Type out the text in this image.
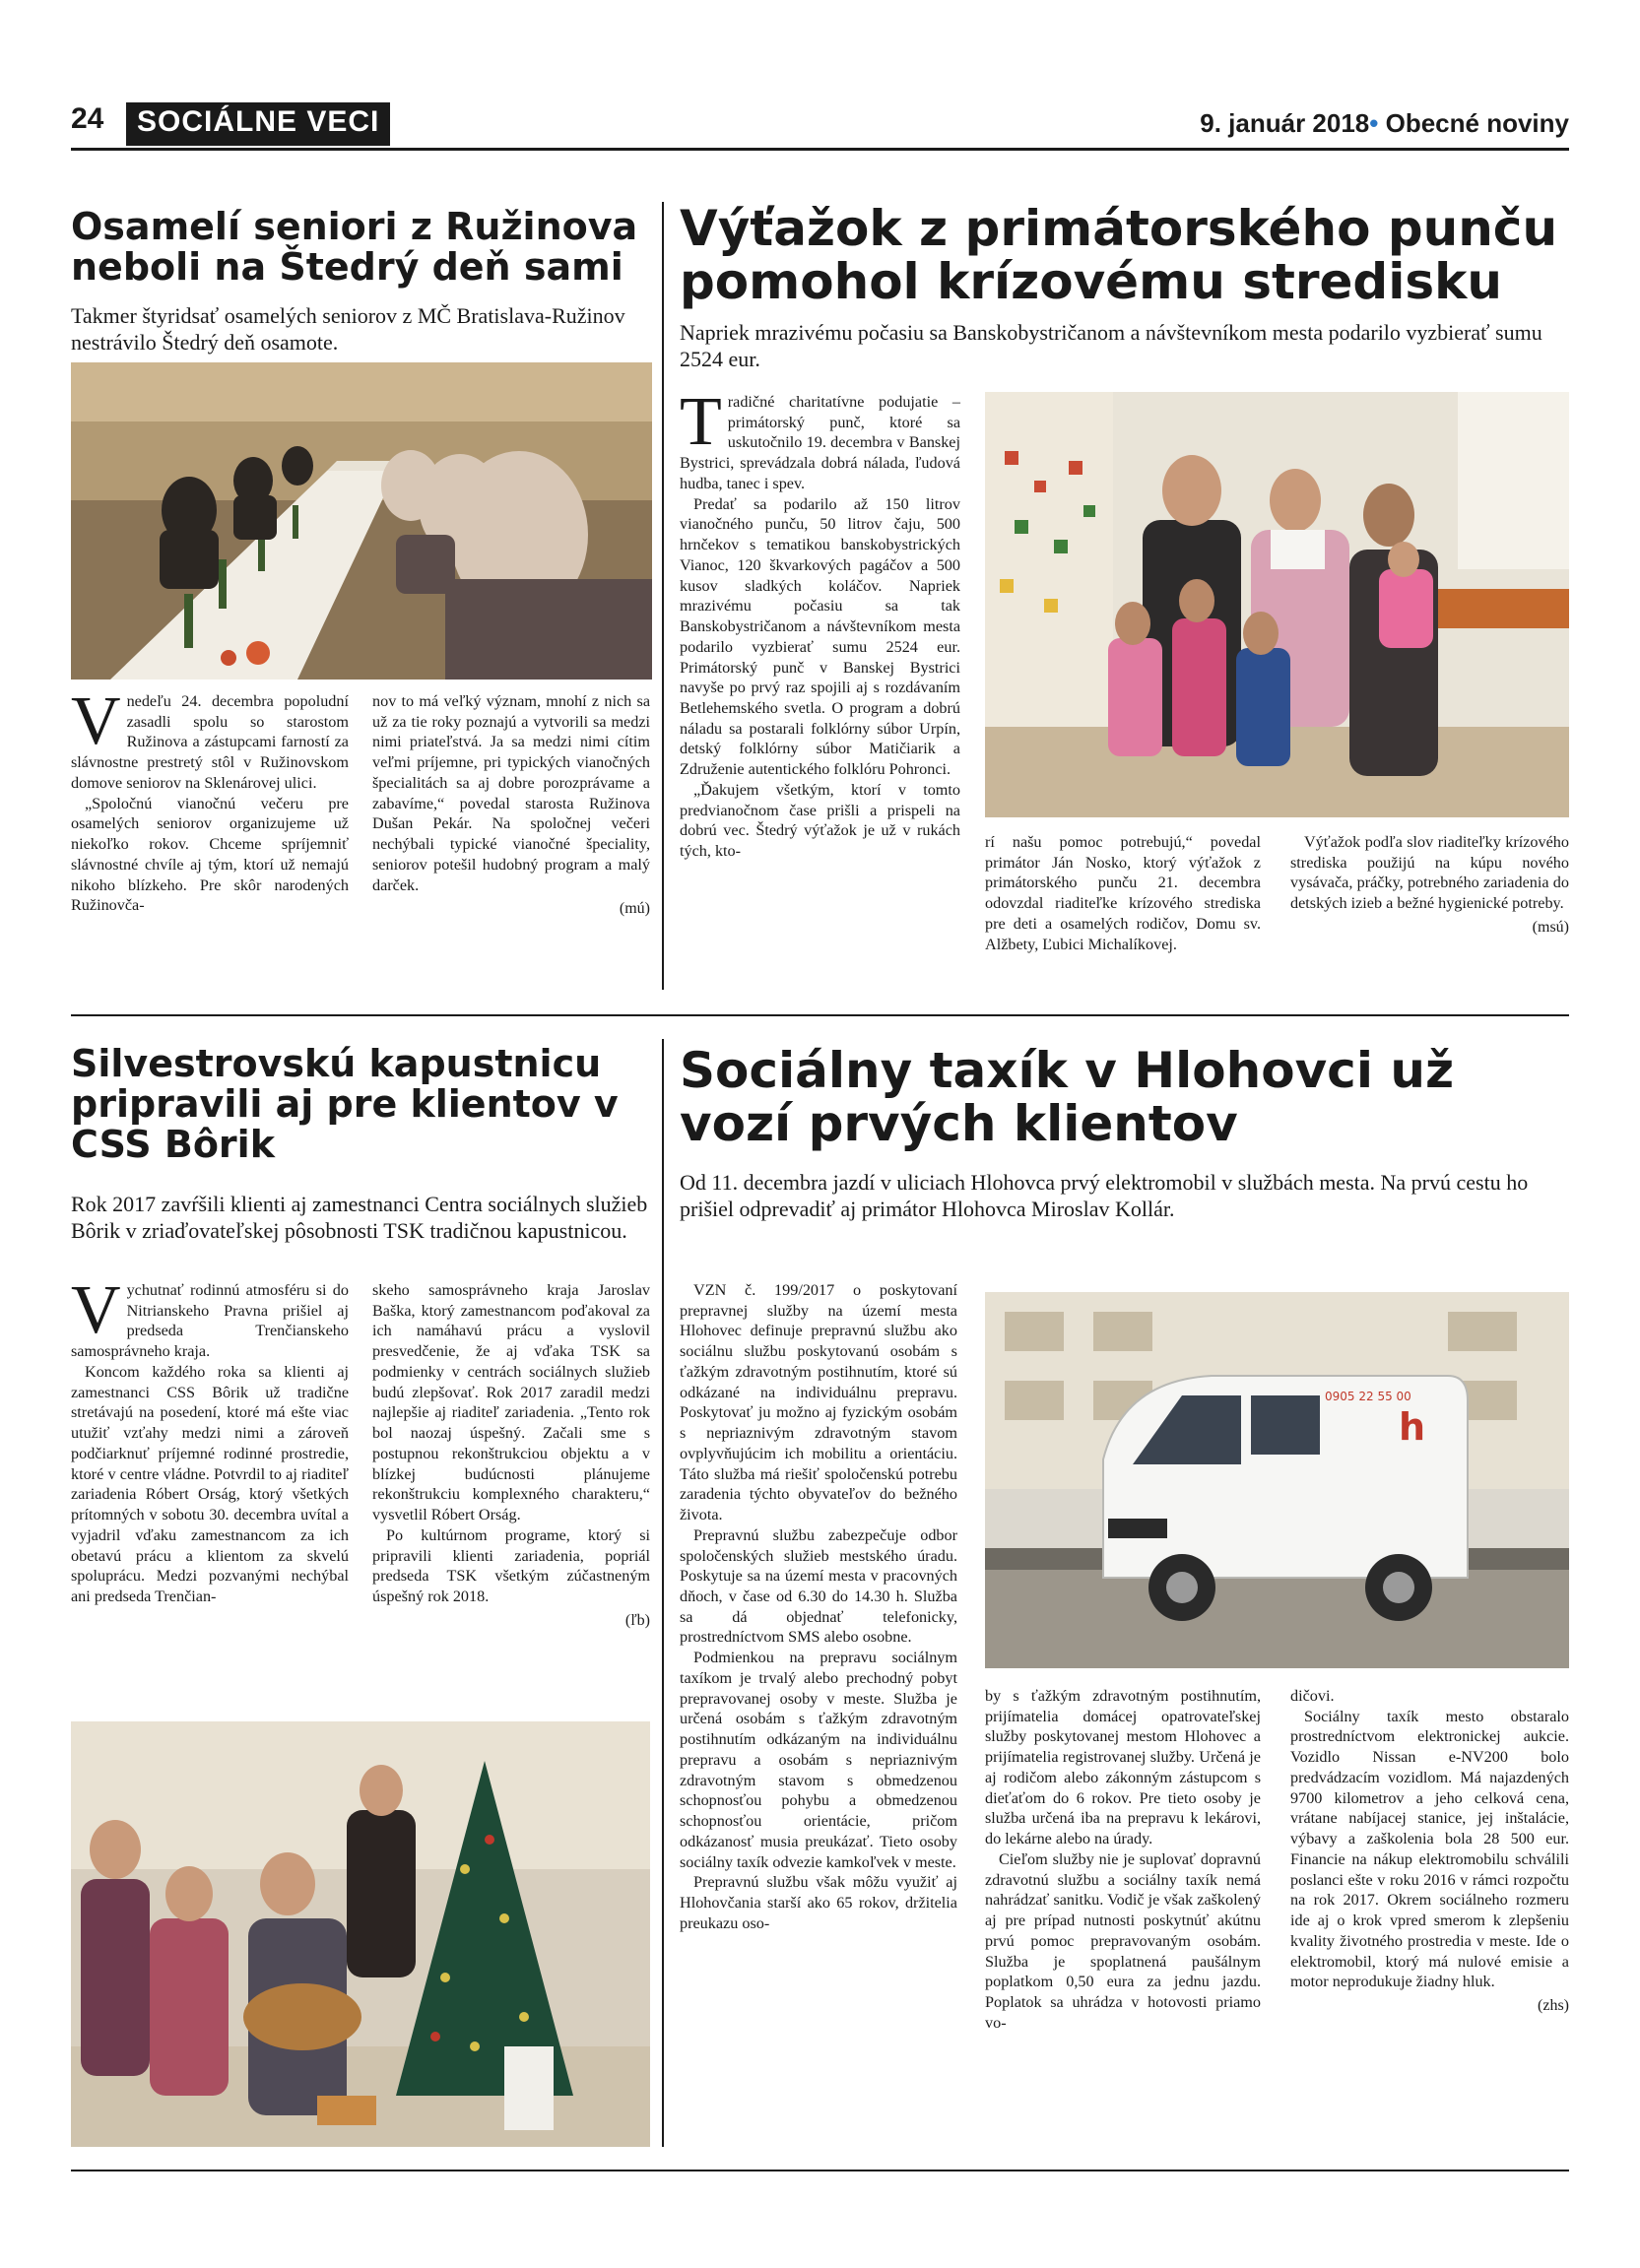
24	SOCIÁLNE VECI	9. január 2018• Obecné noviny
Osamelí seniori z Ružinova neboli na Štedrý deň sami
Takmer štyridsať osamelých seniorov z MČ Bratislava-Ružinov nestrávilo Štedrý deň osamote.
V nedeľu 24. decembra popoludní zasadli spolu so starostom Ružinova a zástupcami farností za slávnostne prestretý stôl v Ružinovskom domove seniorov na Sklenárovej ulici.

„Spoločnú vianočnú večeru pre osamelých seniorov organizujeme už niekoľko rokov. Chceme spríjemniť slávnostné chvíle aj tým, ktorí už nemajú nikoho blízkeho. Pre skôr narodených Ružinovča-

nov to má veľký význam, mnohí z nich sa už za tie roky poznajú a vytvorili sa medzi nimi priateľstvá. Ja sa medzi nimi cítim veľmi príjemne, pri typických vianočných špecialitách sa aj dobre porozprávame a zabavíme,“ povedal starosta Ružinova Dušan Pekár. Na spoločnej večeri nechýbali typické vianočné špeciality, seniorov potešil hudobný program a malý darček.

(mú)
Výťažok z primátorského punču pomohol krízovému stredisku
Napriek mrazivému počasiu sa Banskobystričanom a návštevníkom mesta podarilo vyzbierať sumu 2524 eur.
T radičné charitatívne podujatie – primátorský punč, ktoré sa uskutočnilo 19. decembra v Banskej Bystrici, sprevádzala dobrá nálada, ľudová hudba, tanec i spev.

Predať sa podarilo až 150 litrov vianočného punču, 50 litrov čaju, 500 hrnčekov s tematikou banskobystrických Vianoc, 120 škvarkových pagáčov a 500 kusov sladkých koláčov. Napriek mrazivému počasiu sa tak Banskobystričanom a návštevníkom mesta podarilo vyzbierať sumu 2524 eur. Primátorský punč v Banskej Bystrici navyše po prvý raz spojili aj s rozdávaním Betlehemského svetla. O program a dobrú náladu sa postarali folklórny súbor Urpín, detský folklórny súbor Matičiarik a Združenie autentického folklóru Pohronci.

„Ďakujem všetkým, ktorí v tomto predvianočnom čase prišli a prispeli na dobrú vec. Štedrý výťažok je už v rukách tých, kto-

rí našu pomoc potrebujú,“ povedal primátor Ján Nosko, ktorý výťažok z primátorského punču 21. decembra odovzdal riaditeľke krízového strediska pre deti a osamelých rodičov, Domu sv. Alžbety, Ľubici Michalíkovej.

Výťažok podľa slov riaditeľky krízového strediska použijú na kúpu nového vysávača, práčky, potrebného zariadenia do detských izieb a bežné hygienické potreby.

(msú)
Silvestrovskú kapustnicu pripravili aj pre klientov v CSS Bôrik
Rok 2017 zavŕšili klienti aj zamestnanci Centra sociálnych služieb Bôrik v zriaďovateľskej pôsobnosti TSK tradičnou kapustnicou.
V ychutnať rodinnú atmosféru si do Nitrianskeho Pravna prišiel aj predseda Trenčianskeho samosprávneho kraja.

Koncom každého roka sa klienti aj zamestnanci CSS Bôrik už tradične stretávajú na posedení, ktoré má ešte viac utužiť vzťahy medzi nimi a zároveň podčiarknuť príjemné rodinné prostredie, ktoré v centre vládne. Potvrdil to aj riaditeľ zariadenia Róbert Orság, ktorý všetkých prítomných v sobotu 30. decembra uvítal a vyjadril vďaku zamestnancom za ich obetavú prácu a klientom za skvelú spoluprácu. Medzi pozvanými nechýbal ani predseda Trenčian-

skeho samosprávneho kraja Jaroslav Baška, ktorý zamestnancom poďakoval za ich namáhavú prácu a vyslovil presvedčenie, že aj vďaka TSK sa podmienky v centrách sociálnych služieb budú zlepšovať. Rok 2017 zaradil medzi najlepšie aj riaditeľ zariadenia. „Tento rok bol naozaj úspešný. Začali sme s postupnou rekonštrukciou objektu a v blízkej budúcnosti plánujeme rekonštrukciu komplexného charakteru,“ vysvetlil Róbert Orság.

Po kultúrnom programe, ktorý si pripravili klienti zariadenia, popriál predseda TSK všetkým zúčastneným úspešný rok 2018.

(ľb)
Sociálny taxík v Hlohovci už vozí prvých klientov
Od 11. decembra jazdí v uliciach Hlohovca prvý elektromobil v službách mesta. Na prvú cestu ho prišiel odprevadiť aj primátor Hlohovca Miroslav Kollár.

VZN č. 199/2017 o poskytovaní prepravnej služby na území mesta Hlohovec definuje prepravnú službu ako sociálnu službu poskytovanú osobám s ťažkým zdravotným postihnutím, ktoré sú odkázané na individuálnu prepravu. Poskytovať ju možno aj fyzickým osobám s nepriaznivým zdravotným stavom ovplyvňujúcim ich mobilitu a orientáciu. Táto služba má riešiť spoločenskú potrebu zaradenia týchto obyvateľov do bežného života.

Prepravnú službu zabezpečuje odbor spoločenských služieb mestského úradu. Poskytuje sa na území mesta v pracovných dňoch, v čase od 6.30 do 14.30 h. Služba sa dá objednať telefonicky, prostredníctvom SMS alebo osobne.

Podmienkou na prepravu sociálnym taxíkom je trvalý alebo prechodný pobyt prepravovanej osoby v meste. Služba je určená osobám s ťažkým zdravotným postihnutím odkázaným na individuálnu prepravu a osobám s nepriaznivým zdravotným stavom s obmedzenou schopnosťou pohybu a obmedzenou schopnosťou orientácie, pričom odkázanosť musia preukázať. Tieto osoby sociálny taxík odvezie kamkoľvek v meste.

Prepravnú službu však môžu využiť aj Hlohovčania starší ako 65 rokov, držitelia preukazu oso-

h
0905 22 55 00

by s ťažkým zdravotným postihnutím, prijímatelia domácej opatrovateľskej služby poskytovanej mestom Hlohovec a prijímatelia registrovanej služby. Určená je aj rodičom alebo zákonným zástupcom s dieťaťom do 6 rokov. Pre tieto osoby je služba určená iba na prepravu k lekárovi, do lekárne alebo na úrady.

Cieľom služby nie je suplovať dopravnú zdravotnú službu a sociálny taxík nemá nahrádzať sanitku. Vodič je však zaškolený aj pre prípad nutnosti poskytnúť akútnu prvú pomoc prepravovaným osobám. Služba je spoplatnená paušálnym poplatkom 0,50 eura za jednu jazdu. Poplatok sa uhrádza v hotovosti priamo vo-

dičovi.

Sociálny taxík mesto obstaralo prostredníctvom elektronickej aukcie. Vozidlo Nissan e-NV200 bolo predvádzacím vozidlom. Má najazdených 9700 kilometrov a jeho celková cena, vrátane nabíjacej stanice, jej inštalácie, výbavy a zaškolenia bola 28 500 eur. Financie na nákup elektromobilu schválili poslanci ešte v roku 2016 v rámci rozpočtu na rok 2017. Okrem sociálneho rozmeru ide aj o krok vpred smerom k zlepšeniu kvality životného prostredia v meste. Ide o elektromobil, ktorý má nulové emisie a motor neprodukuje žiadny hluk.

(zhs)
